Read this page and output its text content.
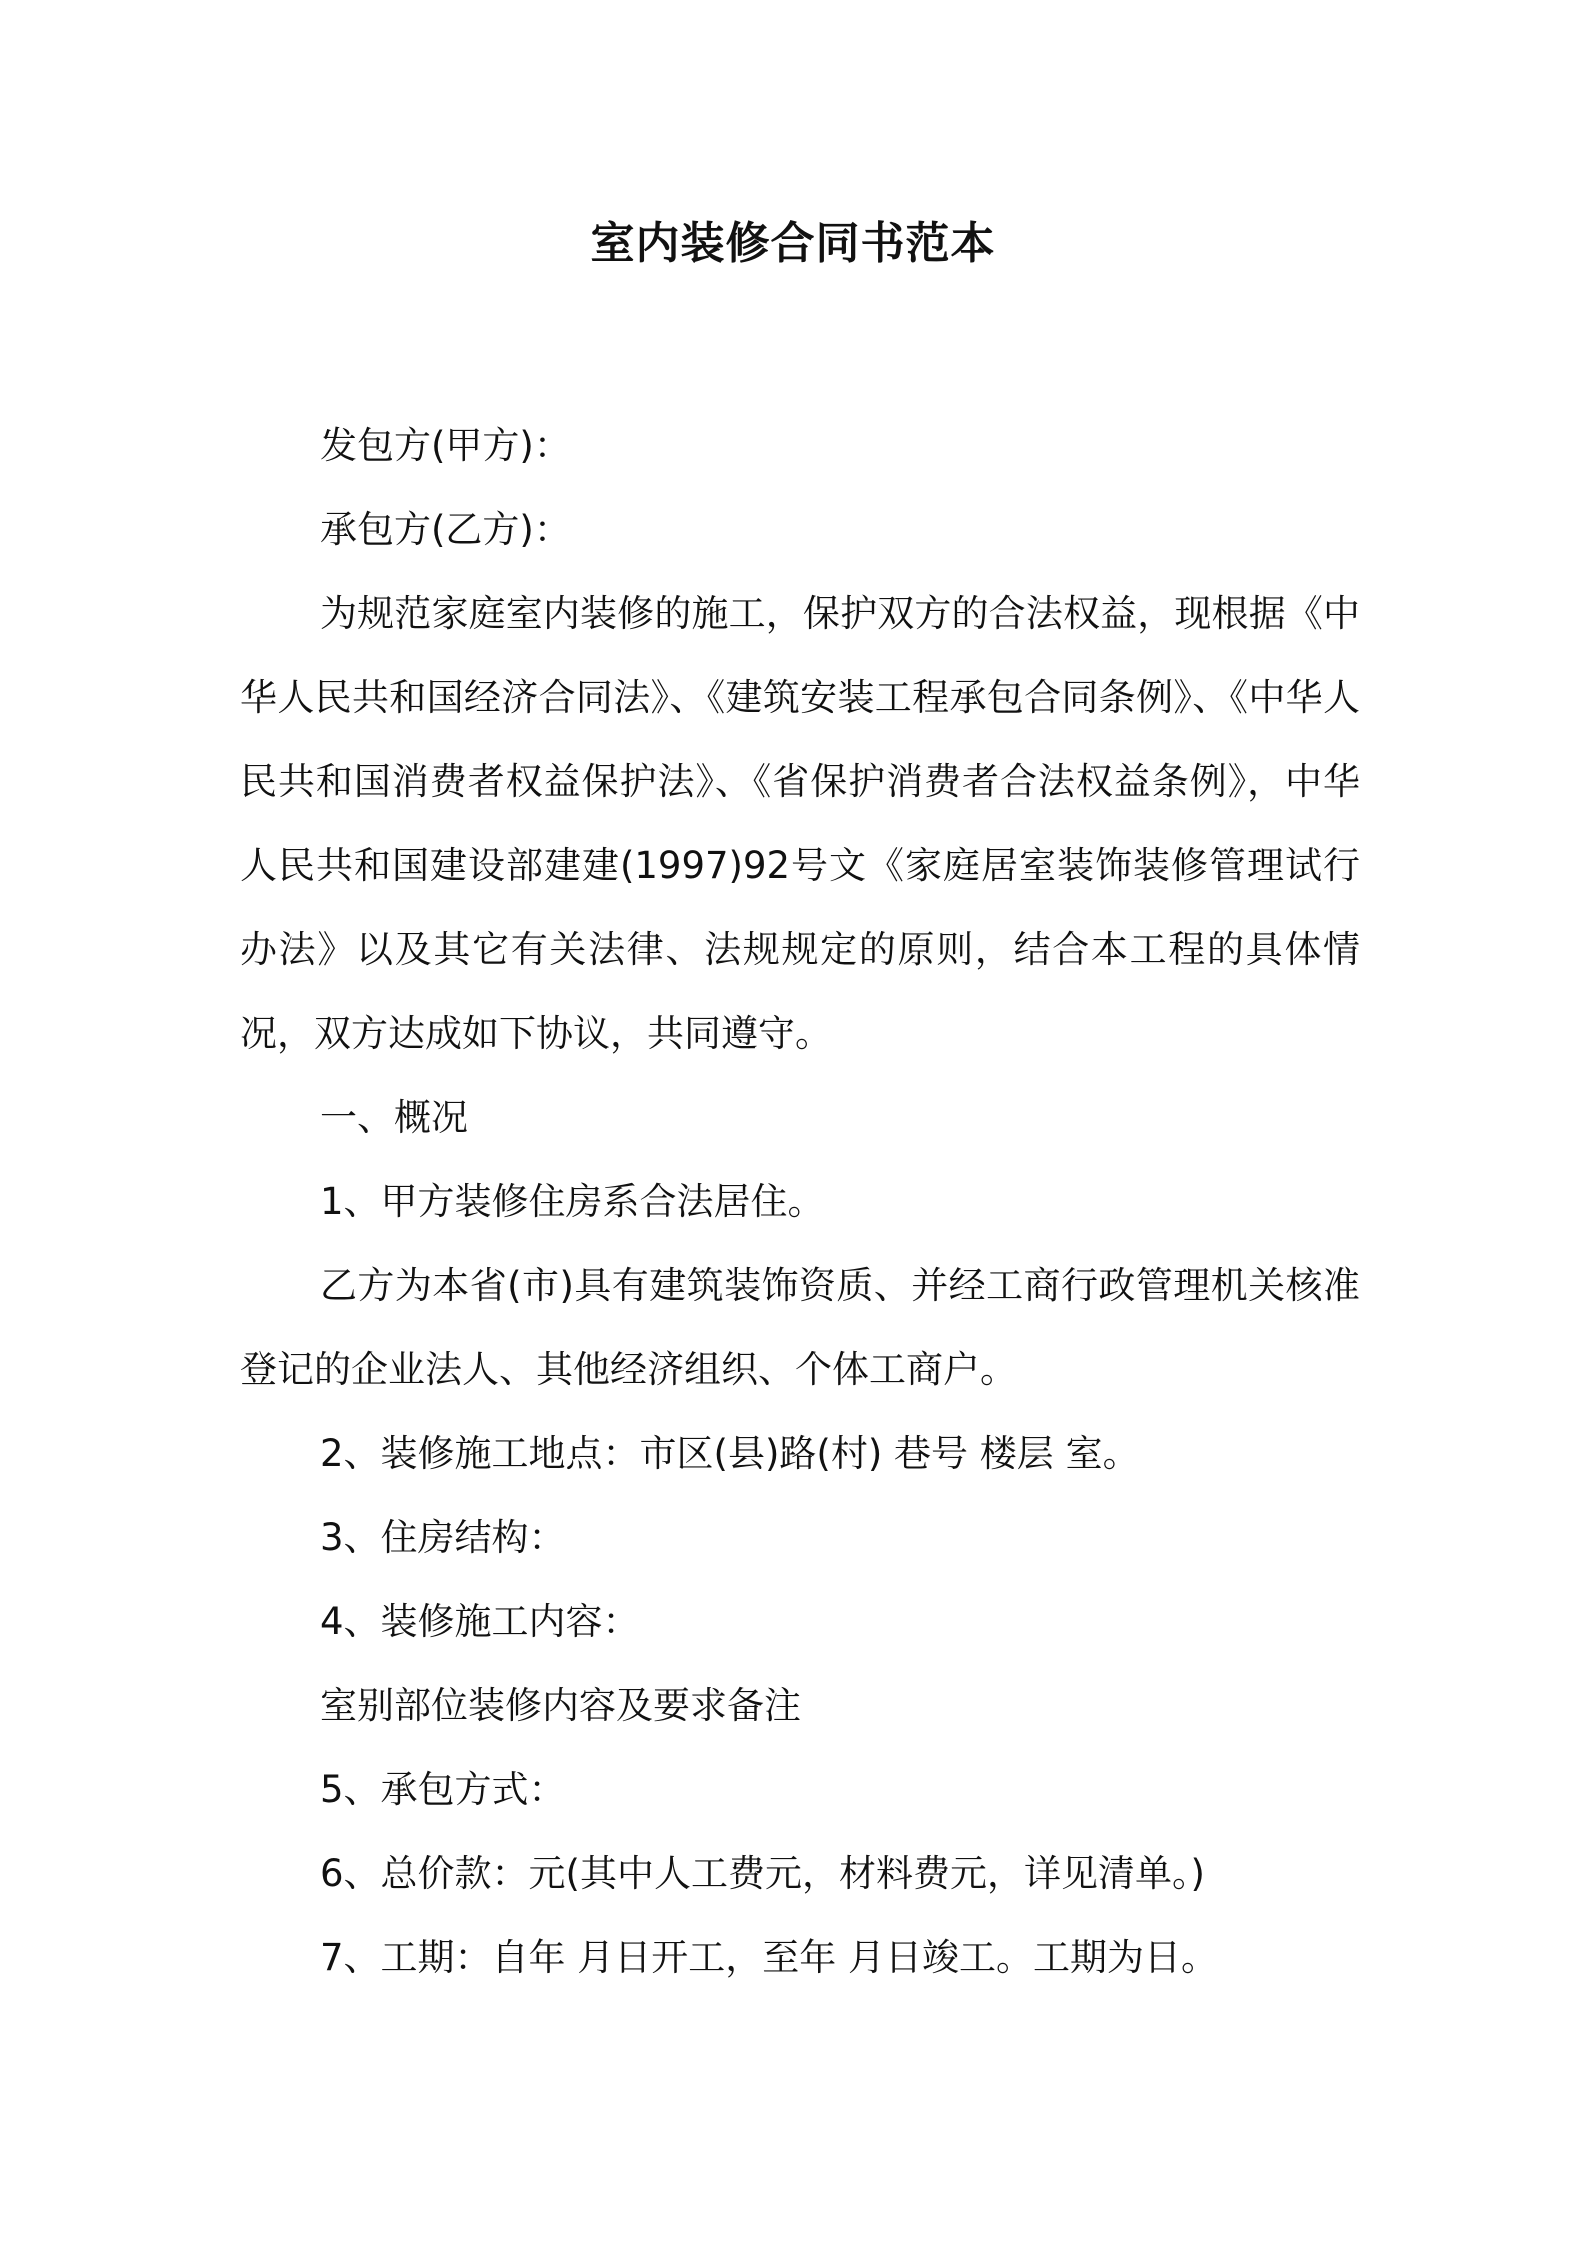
室内装修合同书范本

发包方(甲方)：

承包方(乙方)：

为规范家庭室内装修的施工，保护双方的合法权益，现根据《中华人民共和国经济合同法》、《建筑安装工程承包合同条例》、《中华人民共和国消费者权益保护法》、《省保护消费者合法权益条例》，中华人民共和国建设部建建(1997)92号文《家庭居室装饰装修管理试行办法》以及其它有关法律、法规规定的原则，结合本工程的具体情况，双方达成如下协议，共同遵守。

一、概况

1、甲方装修住房系合法居住。

乙方为本省(市)具有建筑装饰资质、并经工商行政管理机关核准登记的企业法人、其他经济组织、个体工商户。

2、装修施工地点：市区(县)路(村) 巷号 楼层 室。

3、住房结构：

4、装修施工内容：

室别部位装修内容及要求备注

5、承包方式：

6、总价款：元(其中人工费元，材料费元，详见清单。)

7、工期：自年 月日开工，至年 月日竣工。工期为日。
